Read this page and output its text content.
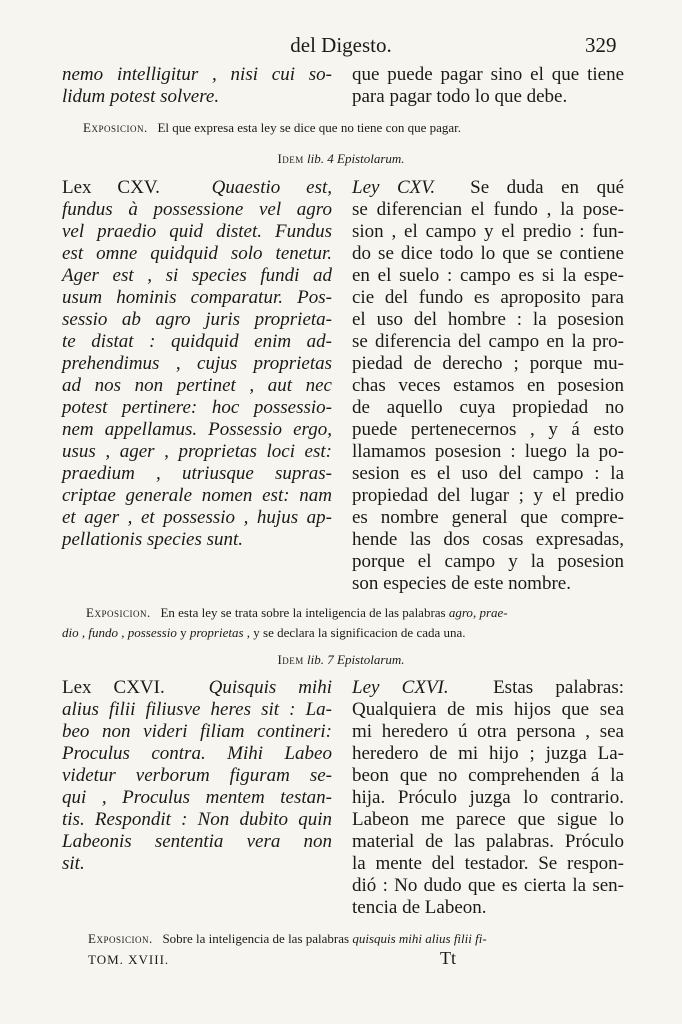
del Digesto.	329
nemo intelligitur , nisi cui so-
lidum potest solvere.
que puede pagar sino el que tiene
para pagar todo lo que debe.
Exposicion. El que expresa esta ley se dice que no tiene con que pagar.
Idem lib. 4 Epistolarum.
Lex CXV.	Quaestio est,
fundus à possessione vel agro
vel praedio quid distet. Fundus
est omne quidquid solo tenetur.
Ager est , si species fundi ad
usum hominis comparatur. Pos-
sessio ab agro juris proprieta-
te distat : quidquid enim ad-
prehendimus , cujus proprietas
ad nos non pertinet , aut nec
potest pertinere: hoc possessio-
nem appellamus. Possessio ergo,
usus , ager , proprietas loci est:
praedium , utriusque supras-
criptae generale nomen est: nam
et ager , et possessio , hujus ap-
pellationis species sunt.
Ley CXV. Se duda en qué
se diferencian el fundo , la pose-
sion , el campo y el predio : fun-
do se dice todo lo que se contiene
en el suelo : campo es si la espe-
cie del fundo es aproposito para
el uso del hombre : la posesion
se diferencia del campo en la pro-
piedad de derecho ; porque mu-
chas veces estamos en posesion
de aquello cuya propiedad no
puede pertenecernos , y á esto
llamamos posesion : luego la po-
sesion es el uso del campo : la
propiedad del lugar ; y el predio
es nombre general que compre-
hende las dos cosas expresadas,
porque el campo y la posesion
son especies de este nombre.
Exposicion. En esta ley se trata sobre la inteligencia de las palabras agro, prae-
dio , fundo , possessio y proprietas , y se declara la significacion de cada una.
Idem lib. 7 Epistolarum.
Lex CXVI. Quisquis mihi
alius filii filiusve heres sit : La-
beo non videri filiam contineri:
Proculus contra. Mihi Labeo
videtur verborum figuram se-
qui , Proculus mentem testan-
tis. Respondit : Non dubito quin
Labeonis sententia vera non
sit.
Ley CXVI. Estas palabras:
Qualquiera de mis hijos que sea
mi heredero ú otra persona , sea
heredero de mi hijo ; juzga La-
beon que no comprehenden á la
hija. Próculo juzga lo contrario.
Labeon me parece que sigue lo
material de las palabras. Próculo
la mente del testador. Se respon-
dió : No dudo que es cierta la sen-
tencia de Labeon.
Exposicion. Sobre la inteligencia de las palabras quisquis mihi alius filii fi-
TOM. XVIII.	Tt
